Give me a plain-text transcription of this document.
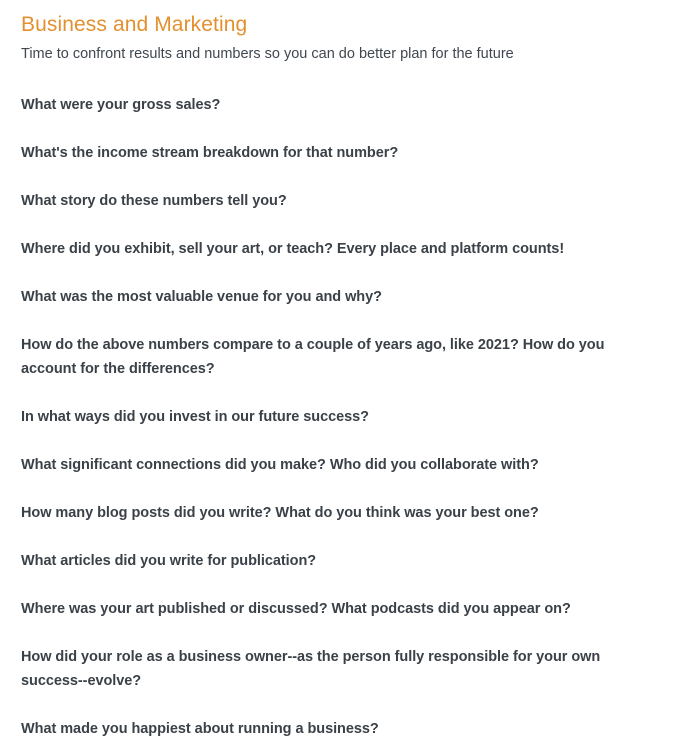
Business and Marketing

Time to confront results and numbers so you can do better plan for the future

What were your gross sales?
What's the income stream breakdown for that number?
What story do these numbers tell you?
Where did you exhibit, sell your art, or teach? Every place and platform counts!
What was the most valuable venue for you and why?
How do the above numbers compare to a couple of years ago, like 2021? How do you account for the differences?
In what ways did you invest in our future success?
What significant connections did you make? Who did you collaborate with?
How many blog posts did you write? What do you think was your best one?
What articles did you write for publication?
Where was your art published or discussed? What podcasts did you appear on?
How did your role as a business owner--as the person fully responsible for your own success--evolve?
What made you happiest about running a business?
